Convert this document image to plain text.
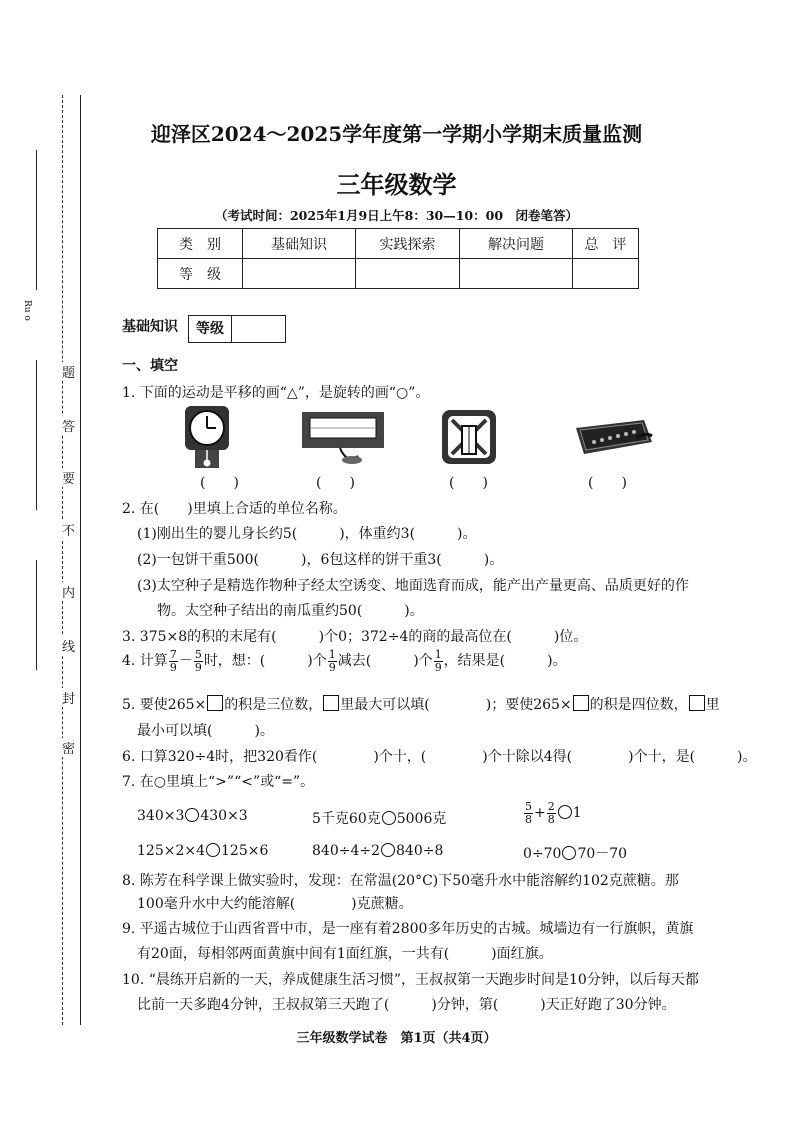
Ru o
题
答
要
不
内
线
封
密
迎泽区2024～2025学年度第一学期小学期末质量监测
三年级数学
（考试时间：2025年1月9日上午8：30—10：00　闭卷笔答）
类　别	基础知识	实践探索	解决问题	总　评
等　级				
基础知识	等级
一、填空
1. 下面的运动是平移的画“△”，是旋转的画“○”。
(　　)	(　　)	(　　)	(　　)
2. 在(　　)里填上合适的单位名称。
(1)刚出生的婴儿身长约5(　　　)，体重约3(　　　)。
(2)一包饼干重500(　　　)，6包这样的饼干重3(　　　)。
(3)太空种子是精选作物种子经太空诱变、地面选育而成，能产出产量更高、品质更好的作
物。太空种子结出的南瓜重约50(　　　)。
3. 375×8的积的末尾有(　　　)个0；372÷4的商的最高位在(　　　)位。
4. 计算 $\frac{7}{9} - \frac{5}{9}$ 时，想：(　　　)个 $\frac{1}{9}$ 减去(　　　)个 $\frac{1}{9}$ ，结果是(　　　)。
5. 要使265× 的积是三位数， 里最大可以填(　　　　)；要使265× 的积是四位数， 里
最小可以填(　　　)。
6. 口算320÷4时，把320看作(　　　　)个十，(　　　　)个十除以4得(　　　　)个十，是(　　　)。
7. 在○里填上“>”“<”或“=”。
340×3 430×3	5千克60克 5006克	$\frac{5}{8} + \frac{2}{8} 1$
125×2×4 125×6	840÷4÷2 840÷8	0÷70 70－70
8. 陈芳在科学课上做实验时，发现：在常温(20°C)下50毫升水中能溶解约102克蔗糖。那
100毫升水中大约能溶解(　　　　)克蔗糖。
9. 平遥古城位于山西省晋中市，是一座有着2800多年历史的古城。城墙边有一行旗帜，黄旗
有20面，每相邻两面黄旗中间有1面红旗，一共有(　　　)面红旗。
10. “晨练开启新的一天，养成健康生活习惯”，王叔叔第一天跑步时间是10分钟，以后每天都
比前一天多跑4分钟，王叔叔第三天跑了(　　　)分钟，第(　　　)天正好跑了30分钟。
三年级数学试卷　第1页（共4页）
